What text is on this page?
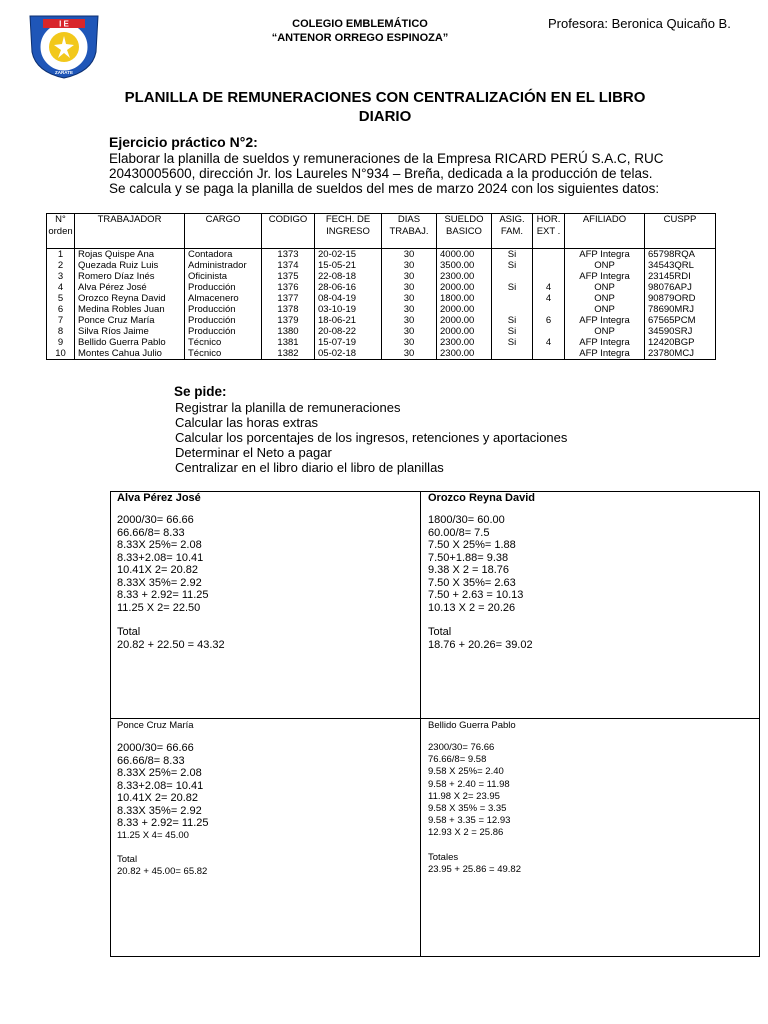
I E
ZARATE
COLEGIO EMBLEMÁTICO
“ANTENOR ORREGO ESPINOZA”
Profesora: Beronica Quicaño B.
PLANILLA DE REMUNERACIONES CON CENTRALIZACIÓN EN EL LIBRO DIARIO
Ejercicio práctico N°2:
Elaborar la planilla de sueldos y remuneraciones de la Empresa RICARD PERÚ S.A.C, RUC
20430005600, dirección Jr. los Laureles N°934 – Breña, dedicada a la producción de telas.
Se calcula y se paga la planilla de sueldos del mes de marzo 2024 con los siguientes datos:
N° orden	TRABAJADOR	CARGO	CODIGO	FECH. DE INGRESO	DIAS TRABAJ.	SUELDO BASICO	ASIG. FAM.	HOR. EXT .	AFILIADO	CUSPP
1	Rojas Quispe Ana	Contadora	1373	20-02-15	30	4000.00	Si		AFP Integra	65798RQA
2	Quezada Ruiz Luis	Administrador	1374	15-05-21	30	3500.00	Si		ONP	34543QRL
3	Romero Díaz Inés	Oficinista	1375	22-08-18	30	2300.00			AFP Integra	23145RDI
4	Alva Pérez José	Producción	1376	28-06-16	30	2000.00	Si	4	ONP	98076APJ
5	Orozco Reyna David	Almacenero	1377	08-04-19	30	1800.00		4	ONP	90879ORD
6	Medina Robles Juan	Producción	1378	03-10-19	30	2000.00			ONP	78690MRJ
7	Ponce Cruz María	Producción	1379	18-06-21	30	2000.00	Si	6	AFP Integra	67565PCM
8	Silva Ríos Jaime	Producción	1380	20-08-22	30	2000.00	Si		ONP	34590SRJ
9	Bellido Guerra Pablo	Técnico	1381	15-07-19	30	2300.00	Si	4	AFP Integra	12420BGP
10	Montes Cahua Julio	Técnico	1382	05-02-18	30	2300.00			AFP Integra	23780MCJ
Se pide:
Registrar la planilla de remuneraciones
Calcular las horas extras
Calcular los porcentajes de los ingresos, retenciones y aportaciones
Determinar el Neto a pagar
Centralizar en el libro diario el libro de planillas
Alva Pérez José
2000/30= 66.66
66.66/8= 8.33
8.33X 25%= 2.08
8.33+2.08= 10.41
10.41X 2= 20.82
8.33X 35%= 2.92
8.33 + 2.92= 11.25
11.25 X 2= 22.50
Total
20.82 + 22.50 = 43.32
Orozco Reyna David
1800/30= 60.00
60.00/8= 7.5
7.50 X 25%= 1.88
7.50+1.88= 9.38
9.38 X 2 = 18.76
7.50 X 35%= 2.63
7.50 + 2.63 = 10.13
10.13 X 2 = 20.26
Total
18.76 + 20.26= 39.02
Ponce Cruz María
2000/30= 66.66
66.66/8= 8.33
8.33X 25%= 2.08
8.33+2.08= 10.41
10.41X 2= 20.82
8.33X 35%= 2.92
8.33 + 2.92= 11.25
11.25 X 4= 45.00
Total
20.82 + 45.00= 65.82
Bellido Guerra Pablo
2300/30= 76.66
76.66/8= 9.58
9.58 X 25%= 2.40
9.58 + 2.40 = 11.98
11.98 X 2= 23.95
9.58 X 35% = 3.35
9.58 + 3.35 = 12.93
12.93 X 2 = 25.86
Totales
23.95 + 25.86 = 49.82
